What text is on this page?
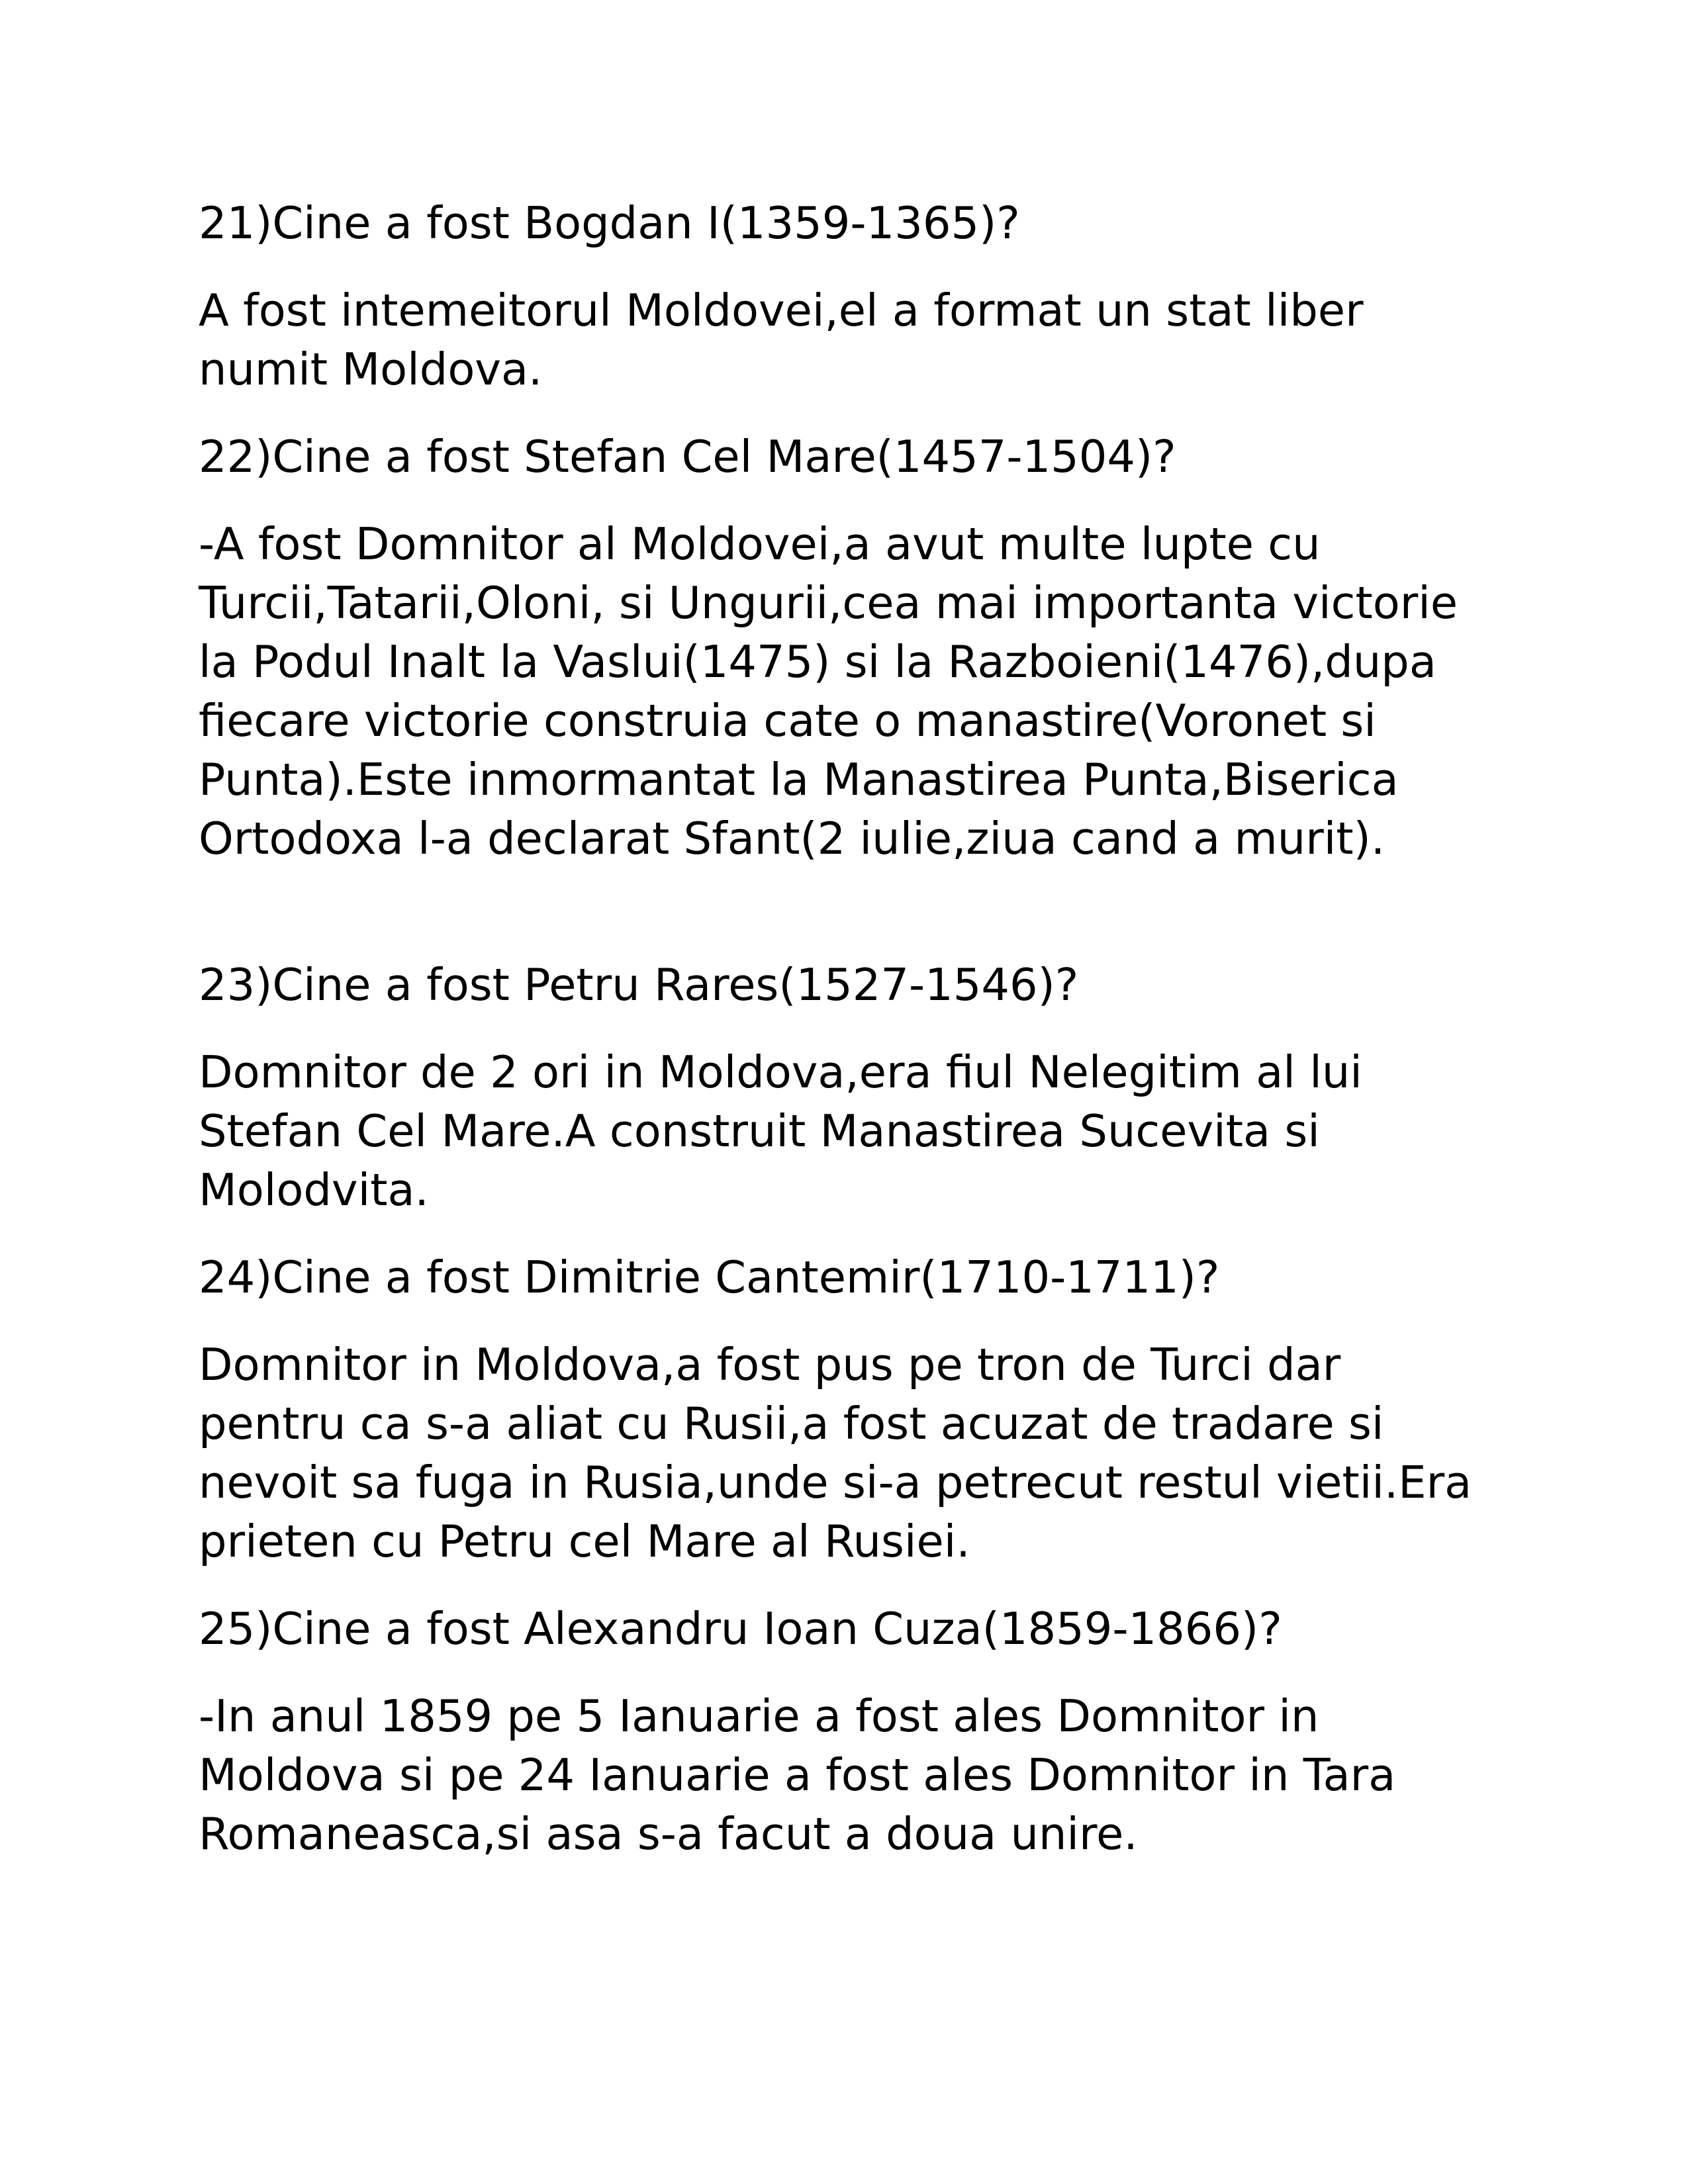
21)Cine a fost Bogdan I(1359-1365)?

A fost intemeitorul Moldovei,el a format un stat liber numit Moldova.

22)Cine a fost Stefan Cel Mare(1457-1504)?

-A fost Domnitor al Moldovei,a avut multe lupte cu Turcii,Tatarii,Oloni, si Ungurii,cea mai importanta victorie la Podul Inalt la Vaslui(1475) si la Razboieni(1476),dupa fiecare victorie construia cate o manastire(Voronet si Punta).Este inmormantat la Manastirea Punta,Biserica Ortodoxa l-a declarat Sfant(2 iulie,ziua cand a murit).

23)Cine a fost Petru Rares(1527-1546)?

Domnitor de 2 ori in Moldova,era fiul Nelegitim al lui Stefan Cel Mare.A construit Manastirea Sucevita si Molodvita.

24)Cine a fost Dimitrie Cantemir(1710-1711)?

Domnitor in Moldova,a fost pus pe tron de Turci dar pentru ca s-a aliat cu Rusii,a fost acuzat de tradare si nevoit sa fuga in Rusia,unde si-a petrecut restul vietii.Era prieten cu Petru cel Mare al Rusiei.

25)Cine a fost Alexandru Ioan Cuza(1859-1866)?

-In anul 1859 pe 5 Ianuarie a fost ales Domnitor in Moldova si pe 24 Ianuarie a fost ales Domnitor in Tara Romaneasca,si asa s-a facut a doua unire.
